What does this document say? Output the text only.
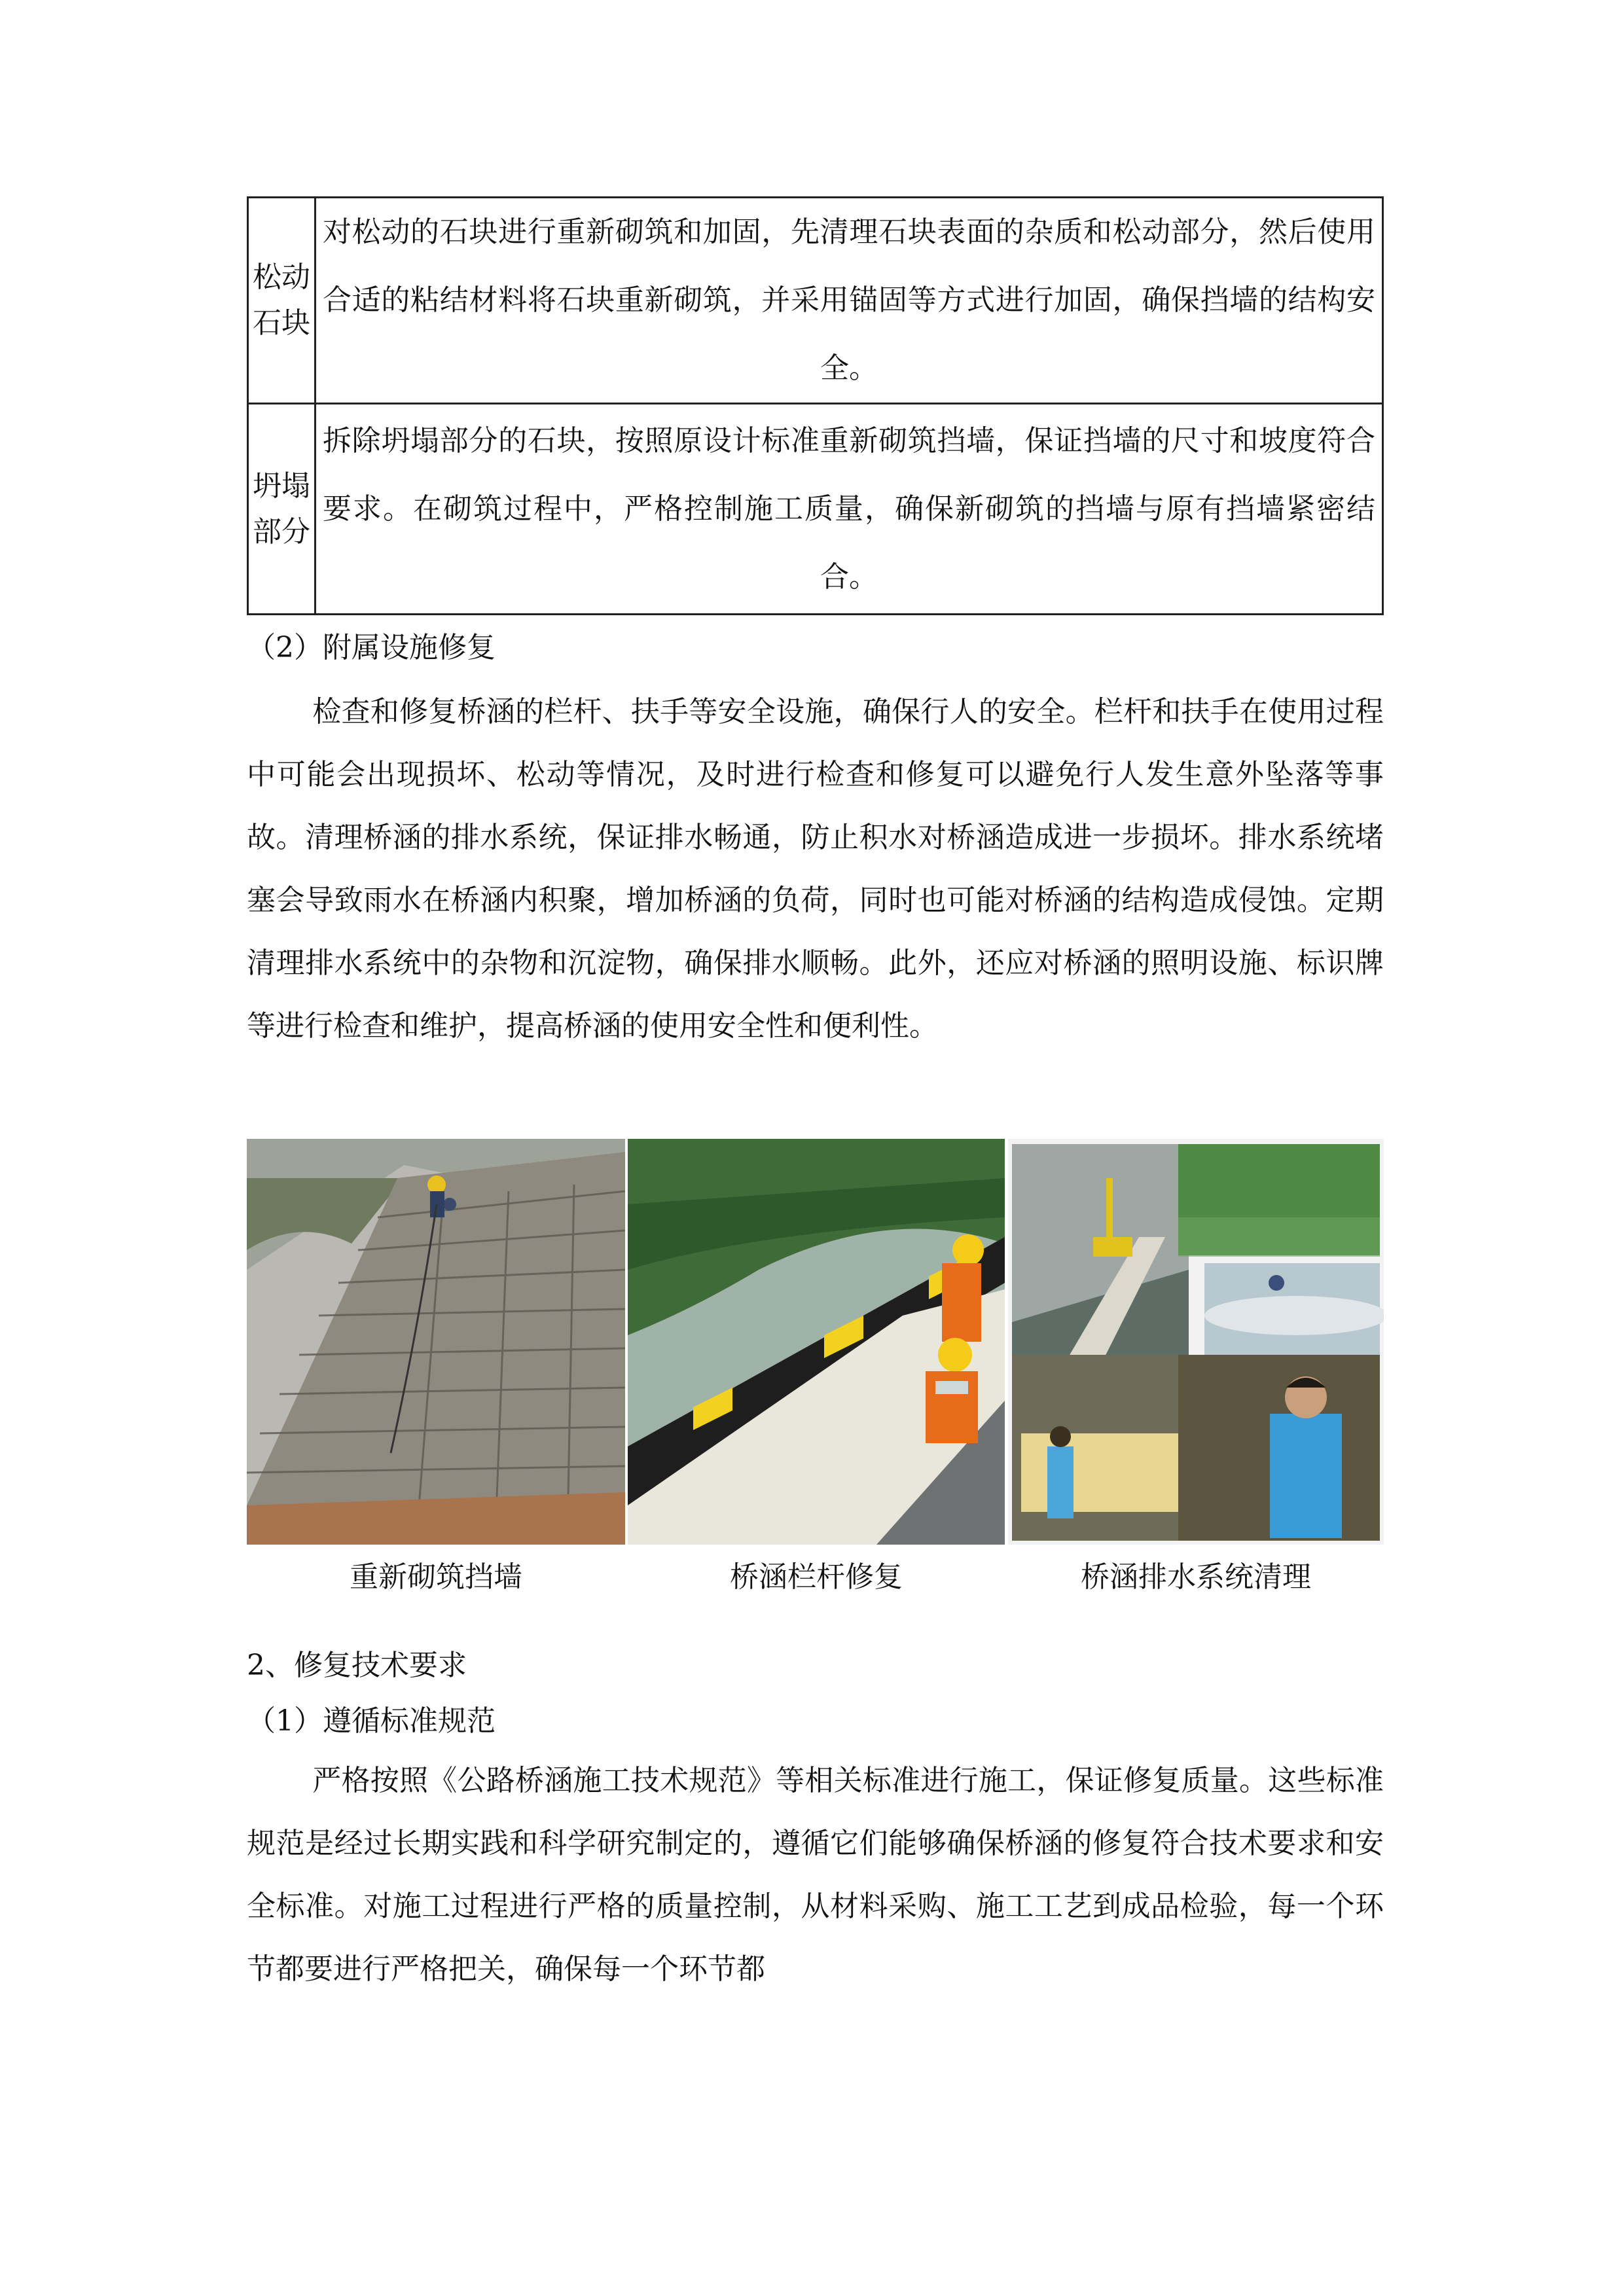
松动
石块	对松动的石块进行重新砌筑和加固，先清理石块表面的杂质和松动部分，然后使用合适的粘结材料将石块重新砌筑，并采用锚固等方式进行加固，确保挡墙的结构安全。

坍塌
部分	拆除坍塌部分的石块，按照原设计标准重新砌筑挡墙，保证挡墙的尺寸和坡度符合要求。在砌筑过程中，严格控制施工质量，确保新砌筑的挡墙与原有挡墙紧密结合。
（2）附属设施修复
检查和修复桥涵的栏杆、扶手等安全设施，确保行人的安全。栏杆和扶手在使用过程中可能会出现损坏、松动等情况，及时进行检查和修复可以避免行人发生意外坠落等事故。清理桥涵的排水系统，保证排水畅通，防止积水对桥涵造成进一步损坏。排水系统堵塞会导致雨水在桥涵内积聚，增加桥涵的负荷，同时也可能对桥涵的结构造成侵蚀。定期清理排水系统中的杂物和沉淀物，确保排水顺畅。此外，还应对桥涵的照明设施、标识牌等进行检查和维护，提高桥涵的使用安全性和便利性。
重新砌筑挡墙	桥涵栏杆修复	桥涵排水系统清理
2、修复技术要求
（1）遵循标准规范
严格按照《公路桥涵施工技术规范》等相关标准进行施工，保证修复质量。这些标准规范是经过长期实践和科学研究制定的，遵循它们能够确保桥涵的修复符合技术要求和安全标准。对施工过程进行严格的质量控制，从材料采购、施工工艺到成品检验，每一个环节都要进行严格把关，确保每一个环节都
